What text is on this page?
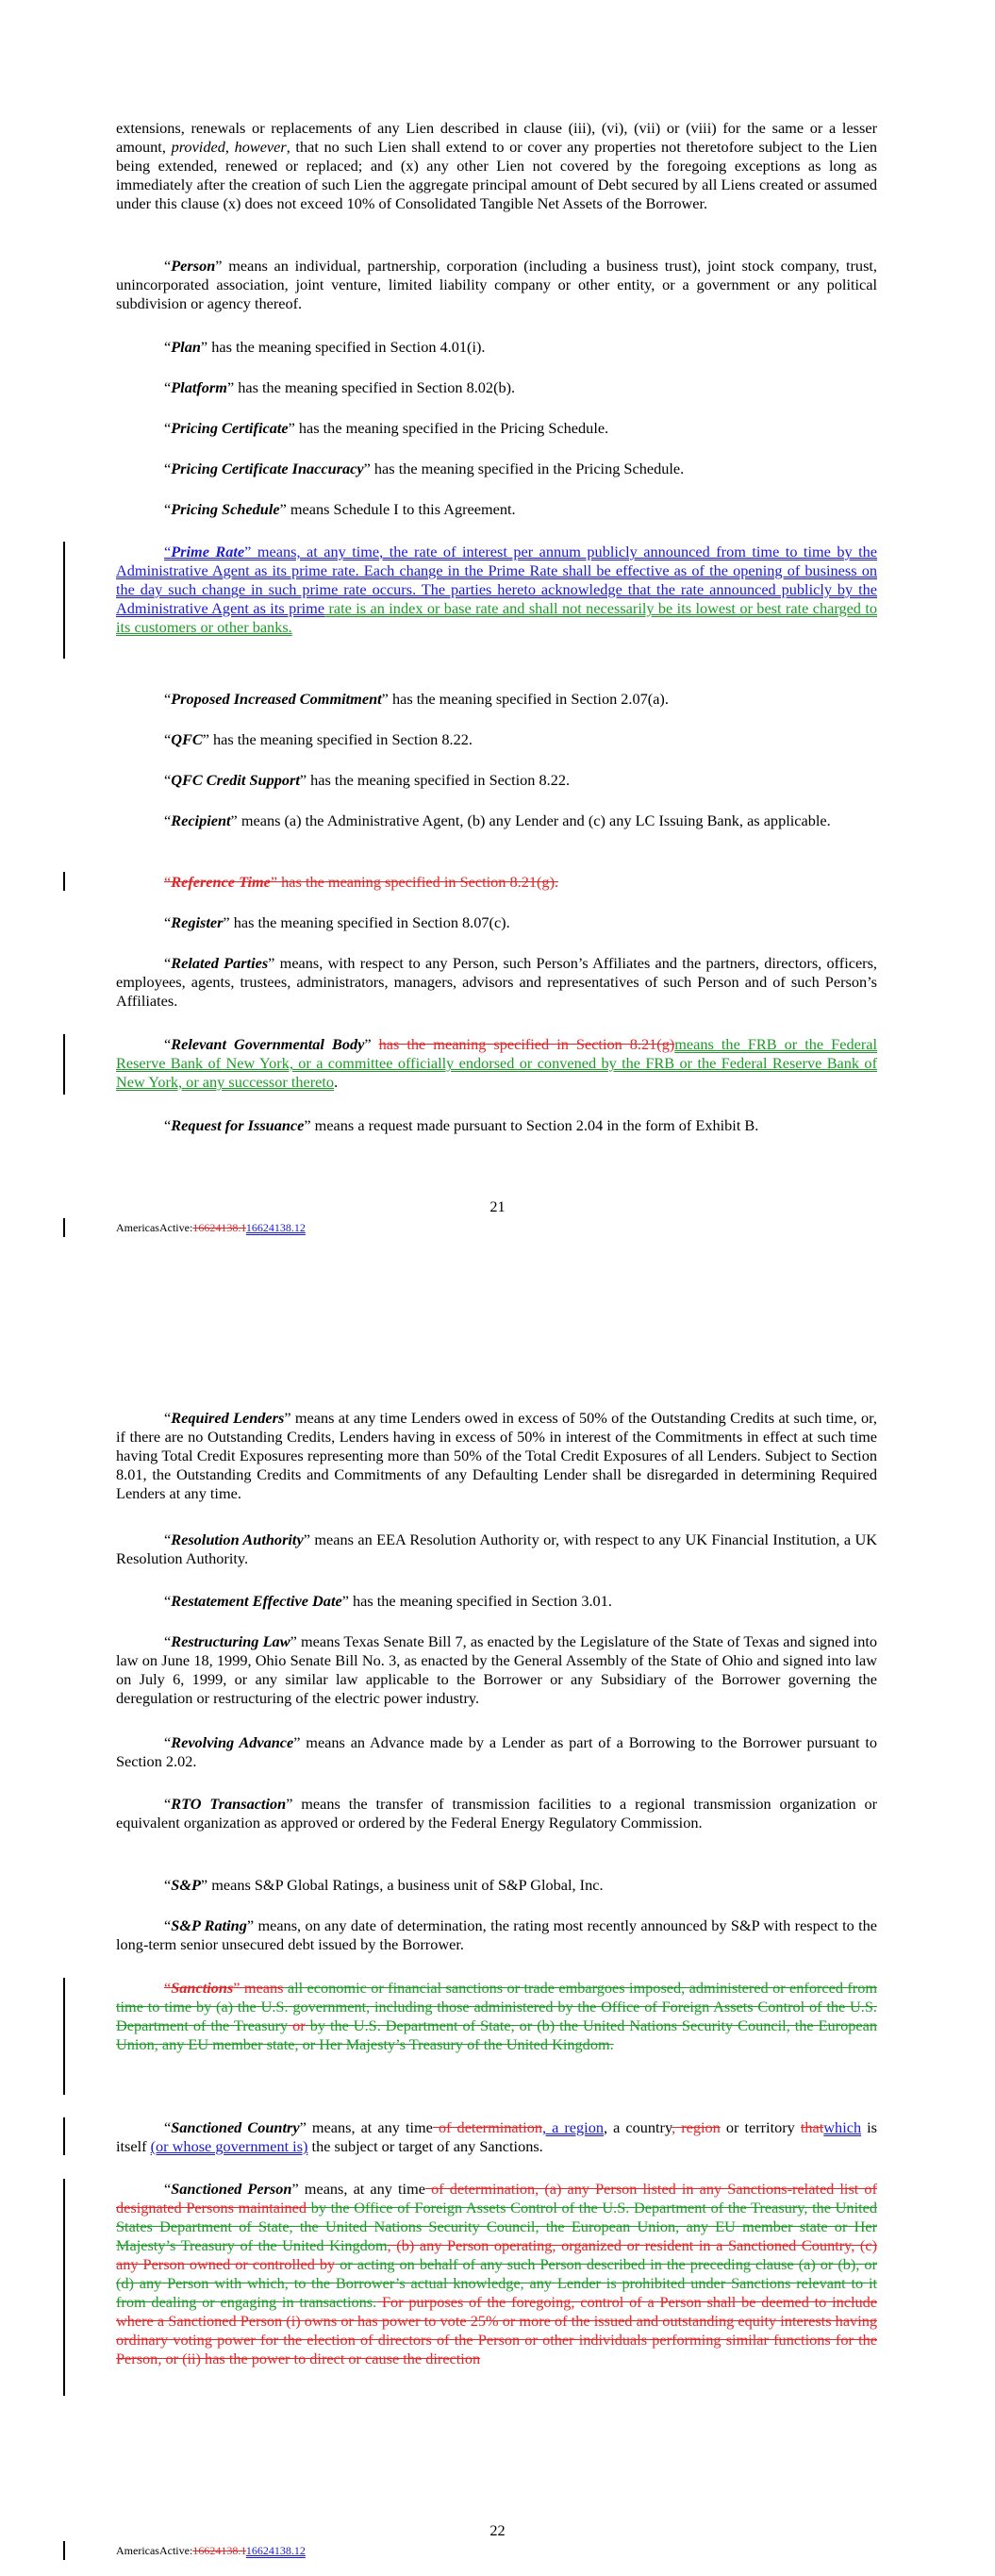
extensions, renewals or replacements of any Lien described in clause (iii), (vi), (vii) or (viii) for the same or a lesser amount, provided, however, that no such Lien shall extend to or cover any properties not theretofore subject to the Lien being extended, renewed or replaced; and (x) any other Lien not covered by the foregoing exceptions as long as immediately after the creation of such Lien the aggregate principal amount of Debt secured by all Liens created or assumed under this clause (x) does not exceed 10% of Consolidated Tangible Net Assets of the Borrower.

“Person” means an individual, partnership, corporation (including a business trust), joint stock company, trust, unincorporated association, joint venture, limited liability company or other entity, or a government or any political subdivision or agency thereof.

“Plan” has the meaning specified in Section 4.01(i).

“Platform” has the meaning specified in Section 8.02(b).

“Pricing Certificate” has the meaning specified in the Pricing Schedule.

“Pricing Certificate Inaccuracy” has the meaning specified in the Pricing Schedule.

“Pricing Schedule” means Schedule I to this Agreement.

“Prime Rate” means, at any time, the rate of interest per annum publicly announced from time to time by the Administrative Agent as its prime rate. Each change in the Prime Rate shall be effective as of the opening of business on the day such change in such prime rate occurs. The parties hereto acknowledge that the rate announced publicly by the Administrative Agent as its prime rate is an index or base rate and shall not necessarily be its lowest or best rate charged to its customers or other banks.

“Proposed Increased Commitment” has the meaning specified in Section 2.07(a).

“QFC” has the meaning specified in Section 8.22.

“QFC Credit Support” has the meaning specified in Section 8.22.

“Recipient” means (a) the Administrative Agent, (b) any Lender and (c) any LC Issuing Bank, as applicable.

“Reference Time” has the meaning specified in Section 8.21(g).

“Register” has the meaning specified in Section 8.07(c).

“Related Parties” means, with respect to any Person, such Person’s Affiliates and the partners, directors, officers, employees, agents, trustees, administrators, managers, advisors and representatives of such Person and of such Person’s Affiliates.

“Relevant Governmental Body” has the meaning specified in Section 8.21(g)means the FRB or the Federal Reserve Bank of New York, or a committee officially endorsed or convened by the FRB or the Federal Reserve Bank of New York, or any successor thereto.

“Request for Issuance” means a request made pursuant to Section 2.04 in the form of Exhibit B.

21
AmericasActive:16624138.116624138.12

“Required Lenders” means at any time Lenders owed in excess of 50% of the Outstanding Credits at such time, or, if there are no Outstanding Credits, Lenders having in excess of 50% in interest of the Commitments in effect at such time having Total Credit Exposures representing more than 50% of the Total Credit Exposures of all Lenders. Subject to Section 8.01, the Outstanding Credits and Commitments of any Defaulting Lender shall be disregarded in determining Required Lenders at any time.

“Resolution Authority” means an EEA Resolution Authority or, with respect to any UK Financial Institution, a UK Resolution Authority.

“Restatement Effective Date” has the meaning specified in Section 3.01.

“Restructuring Law” means Texas Senate Bill 7, as enacted by the Legislature of the State of Texas and signed into law on June 18, 1999, Ohio Senate Bill No. 3, as enacted by the General Assembly of the State of Ohio and signed into law on July 6, 1999, or any similar law applicable to the Borrower or any Subsidiary of the Borrower governing the deregulation or restructuring of the electric power industry.

“Revolving Advance” means an Advance made by a Lender as part of a Borrowing to the Borrower pursuant to Section 2.02.

“RTO Transaction” means the transfer of transmission facilities to a regional transmission organization or equivalent organization as approved or ordered by the Federal Energy Regulatory Commission.

“S&P” means S&P Global Ratings, a business unit of S&P Global, Inc.

“S&P Rating” means, on any date of determination, the rating most recently announced by S&P with respect to the long-term senior unsecured debt issued by the Borrower.

“Sanctions” means all economic or financial sanctions or trade embargoes imposed, administered or enforced from time to time by (a) the U.S. government, including those administered by the Office of Foreign Assets Control of the U.S. Department of the Treasury or by the U.S. Department of State, or (b) the United Nations Security Council, the European Union, any EU member state, or Her Majesty’s Treasury of the United Kingdom.

“Sanctioned Country” means, at any time of determination, a region, a country, region or territory thatwhich is itself (or whose government is) the subject or target of any Sanctions.

“Sanctioned Person” means, at any time of determination, (a) any Person listed in any Sanctions-related list of designated Persons maintained by the Office of Foreign Assets Control of the U.S. Department of the Treasury, the United States Department of State, the United Nations Security Council, the European Union, any EU member state or Her Majesty’s Treasury of the United Kingdom, (b) any Person operating, organized or resident in a Sanctioned Country, (c) any Person owned or controlled by or acting on behalf of any such Person described in the preceding clause (a) or (b), or (d) any Person with which, to the Borrower’s actual knowledge, any Lender is prohibited under Sanctions relevant to it from dealing or engaging in transactions. For purposes of the foregoing, control of a Person shall be deemed to include where a Sanctioned Person (i) owns or has power to vote 25% or more of the issued and outstanding equity interests having ordinary voting power for the election of directors of the Person or other individuals performing similar functions for the Person, or (ii) has the power to direct or cause the direction

22
AmericasActive:16624138.116624138.12
